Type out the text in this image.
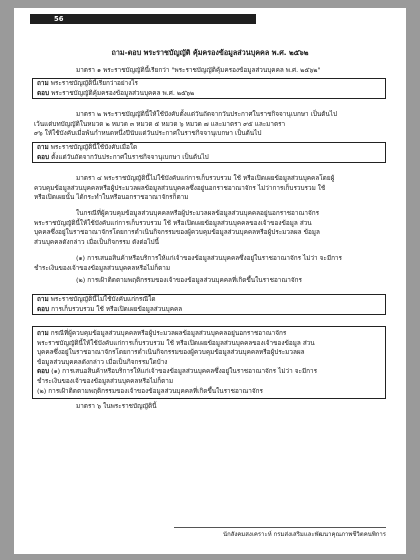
56
ถาม-ตอบ พระราชบัญญัติ คุ้มครองข้อมูลส่วนบุคคล พ.ศ. ๒๕๖๒
มาตรา ๑ พระราชบัญญัตินี้เรียกว่า "พระราชบัญญัติคุ้มครองข้อมูลส่วนบุคคล พ.ศ. ๒๕๖๒"
ถาม พระราชบัญญัตินี้เรียกว่าอย่างไร
ตอบ พระราชบัญญัติคุ้มครองข้อมูลส่วนบุคคล พ.ศ. ๒๕๖๒
มาตรา ๒ พระราชบัญญัตินี้ให้ใช้บังคับตั้งแต่วันถัดจากวันประกาศในราชกิจจานุเบกษา เป็นต้นไป
เว้นแต่บทบัญญัติในหมวด ๒ หมวด ๓ หมวด ๕ หมวด ๖ หมวด ๗ และมาตรา ๙๕ และมาตรา
๙๖ ให้ใช้บังคับเมื่อพ้นกำหนดหนึ่งปีนับแต่วันประกาศในราชกิจจานุเบกษา เป็นต้นไป
ถาม พระราชบัญญัตินี้ใช้บังคับเมื่อใด
ตอบ ตั้งแต่วันถัดจากวันประกาศในราชกิจจานุเบกษา เป็นต้นไป
มาตรา ๔ พระราชบัญญัตินี้ไม่ใช้บังคับแก่การเก็บรวบรวม ใช้ หรือเปิดเผยข้อมูลส่วนบุคคลโดยผู้
ควบคุมข้อมูลส่วนบุคคลหรือผู้ประมวลผลข้อมูลส่วนบุคคลซึ่งอยู่นอกราชอาณาจักร ไม่ว่าการเก็บรวบรวม ใช้
หรือเปิดเผยนั้น ได้กระทำในหรือนอกราชอาณาจักรก็ตาม
ในกรณีที่ผู้ควบคุมข้อมูลส่วนบุคคลหรือผู้ประมวลผลข้อมูลส่วนบุคคลอยู่นอกราชอาณาจักร
พระราชบัญญัตินี้ให้ใช้บังคับแก่การเก็บรวบรวม ใช้ หรือเปิดเผยข้อมูลส่วนบุคคลของเจ้าของข้อมูล ส่วน
บุคคลซึ่งอยู่ในราชอาณาจักรโดยการดำเนินกิจกรรมของผู้ควบคุมข้อมูลส่วนบุคคลหรือผู้ประมวลผล ข้อมูล
ส่วนบุคคลดังกล่าว เมื่อเป็นกิจกรรม ดังต่อไปนี้
(๑) การเสนอสินค้าหรือบริการให้แก่เจ้าของข้อมูลส่วนบุคคลซึ่งอยู่ในราชอาณาจักร ไม่ว่า จะมีการ
ชำระเงินของเจ้าของข้อมูลส่วนบุคคลหรือไม่ก็ตาม
(๒) การเฝ้าติดตามพฤติกรรมของเจ้าของข้อมูลส่วนบุคคลที่เกิดขึ้นในราชอาณาจักร
ถาม พระราชบัญญัตินี้ไม่ใช้บังคับแก่กรณีใด
ตอบ การเก็บรวบรวม ใช้ หรือเปิดเผยข้อมูลส่วนบุคคล
ถาม กรณีที่ผู้ควบคุมข้อมูลส่วนบุคคลหรือผู้ประมวลผลข้อมูลส่วนบุคคลอยู่นอกราชอาณาจักร
พระราชบัญญัตินี้ให้ใช้บังคับแก่การเก็บรวบรวม ใช้ หรือเปิดเผยข้อมูลส่วนบุคคลของเจ้าของข้อมูล ส่วน
บุคคลซึ่งอยู่ในราชอาณาจักรโดยการดำเนินกิจกรรมของผู้ควบคุมข้อมูลส่วนบุคคลหรือผู้ประมวลผล
ข้อมูลส่วนบุคคลดังกล่าว เมื่อเป็นกิจกรรมใดบ้าง
ตอบ (๑) การเสนอสินค้าหรือบริการให้แก่เจ้าของข้อมูลส่วนบุคคลซึ่งอยู่ในราชอาณาจักร ไม่ว่า จะมีการ
ชำระเงินของเจ้าของข้อมูลส่วนบุคคลหรือไม่ก็ตาม
(๒) การเฝ้าติดตามพฤติกรรมของเจ้าของข้อมูลส่วนบุคคลที่เกิดขึ้นในราชอาณาจักร
มาตรา ๖ ในพระราชบัญญัตินี้
นักสังคมสงเคราะห์ กรมส่งเสริมและพัฒนาคุณภาพชีวิตคนพิการ
